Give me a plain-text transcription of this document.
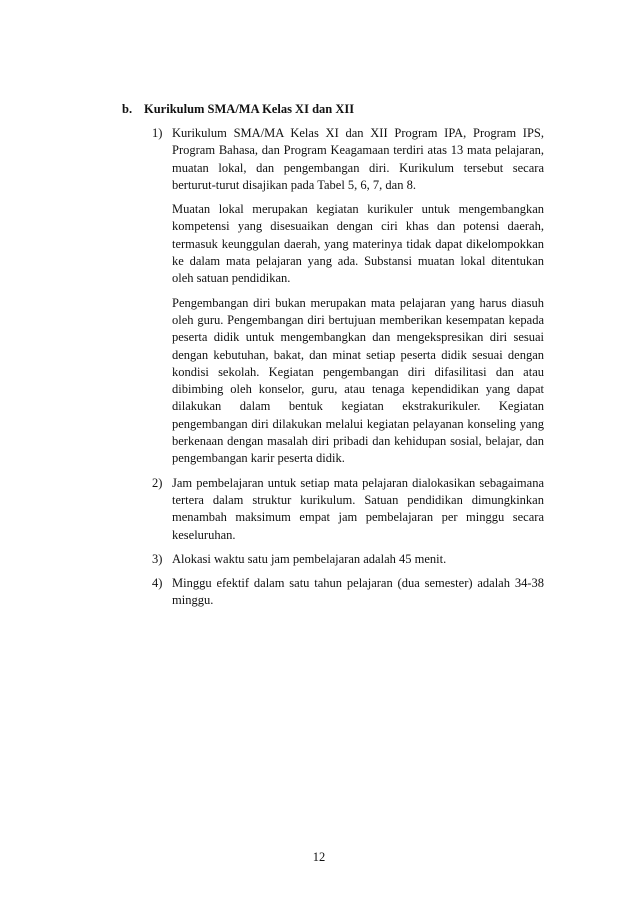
b. Kurikulum SMA/MA Kelas XI dan XII

1) Kurikulum SMA/MA Kelas XI dan XII Program IPA, Program IPS, Program Bahasa, dan Program Keagamaan terdiri atas 13 mata pelajaran, muatan lokal, dan pengembangan diri. Kurikulum tersebut secara berturut-turut disajikan pada Tabel 5, 6, 7, dan 8.

Muatan lokal merupakan kegiatan kurikuler untuk mengembangkan kompetensi yang disesuaikan dengan ciri khas dan potensi daerah, termasuk keunggulan daerah, yang materinya tidak dapat dikelompokkan ke dalam mata pelajaran yang ada. Substansi muatan lokal ditentukan oleh satuan pendidikan.

Pengembangan diri bukan merupakan mata pelajaran yang harus diasuh oleh guru. Pengembangan diri bertujuan memberikan kesempatan kepada peserta didik untuk mengembangkan dan mengekspresikan diri sesuai dengan kebutuhan, bakat, dan minat setiap peserta didik sesuai dengan kondisi sekolah. Kegiatan pengembangan diri difasilitasi dan atau dibimbing oleh konselor, guru, atau tenaga kependidikan yang dapat dilakukan dalam bentuk kegiatan ekstrakurikuler. Kegiatan pengembangan diri dilakukan melalui kegiatan pelayanan konseling yang berkenaan dengan masalah diri pribadi dan kehidupan sosial, belajar, dan pengembangan karir peserta didik.

2) Jam pembelajaran untuk setiap mata pelajaran dialokasikan sebagaimana tertera dalam struktur kurikulum. Satuan pendidikan dimungkinkan menambah maksimum empat jam pembelajaran per minggu secara keseluruhan.

3) Alokasi waktu satu jam pembelajaran adalah 45 menit.

4) Minggu efektif dalam satu tahun pelajaran (dua semester) adalah 34-38 minggu.

12
